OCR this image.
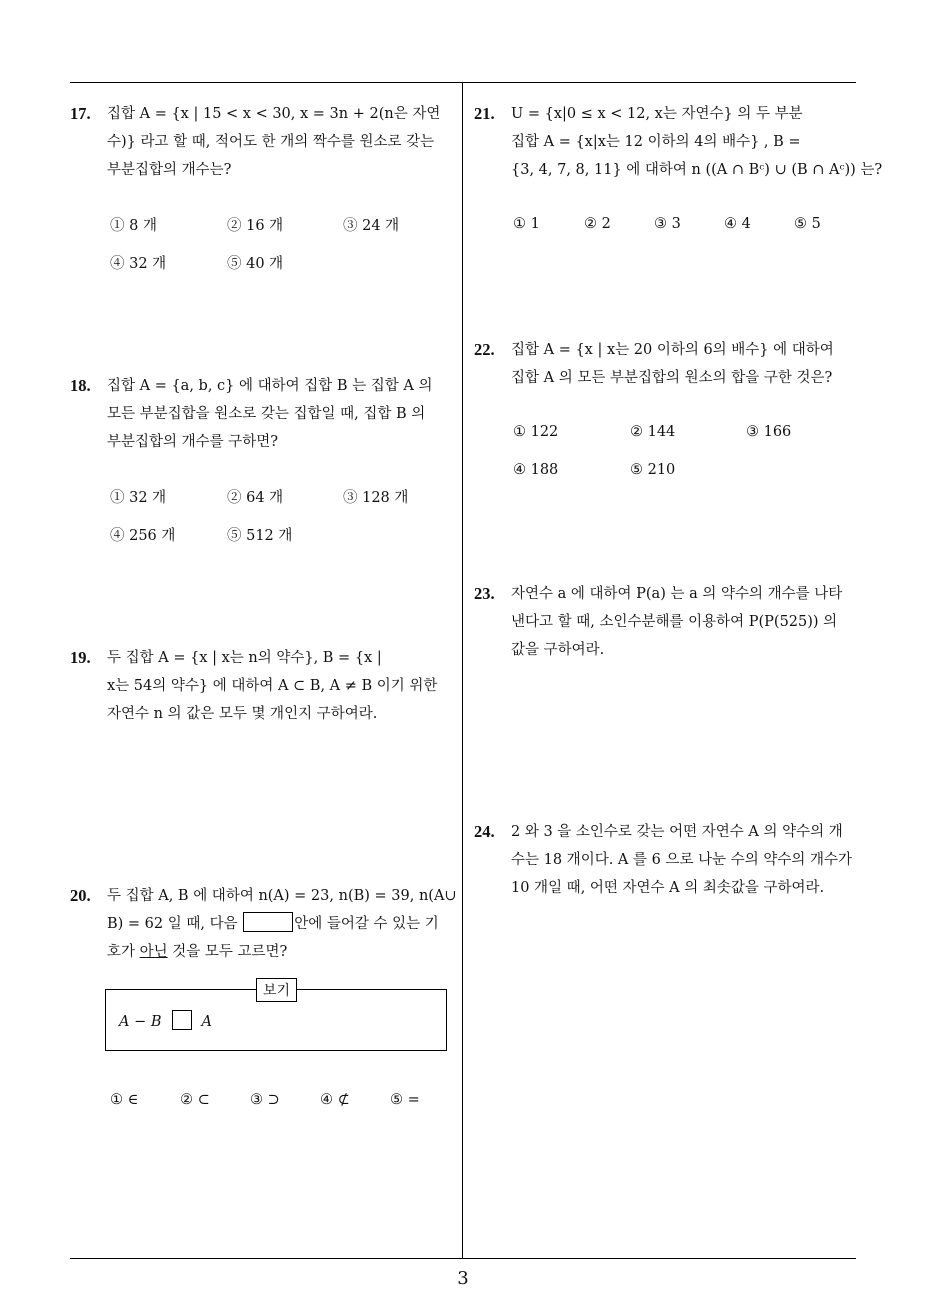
17. 집합 A = {x | 15 < x < 30, x = 3n + 2(n은 자연
수)} 라고 할 때, 적어도 한 개의 짝수를 원소로 갖는
부분집합의 개수는?
① 8 개	② 16 개	③ 24 개
④ 32 개	⑤ 40 개
18. 집합 A = {a, b, c} 에 대하여 집합 B 는 집합 A 의
모든 부분집합을 원소로 갖는 집합일 때, 집합 B 의
부분집합의 개수를 구하면?
① 32 개	② 64 개	③ 128 개
④ 256 개	⑤ 512 개
19. 두 집합 A = {x | x는 n의 약수}, B = {x |
x는 54의 약수} 에 대하여 A ⊂ B, A ≠ B 이기 위한
자연수 n 의 값은 모두 몇 개인지 구하여라.
20. 두 집합 A, B 에 대하여 n(A) = 23, n(B) = 39, n(A∪
B) = 62 일 때, 다음	안에 들어갈 수 있는 기
호가 아닌 것을 모두 고르면?
보기
A − B	A
① ∈	② ⊂	③ ⊃	④ ⊄	⑤ =
21. U = {x|0 ≤ x < 12, x는 자연수} 의 두 부분
집합 A = {x|x는 12 이하의 4의 배수} , B =
{3, 4, 7, 8, 11} 에 대하여 n ((A ∩ Bᶜ) ∪ (B ∩ Aᶜ)) 는?
① 1	② 2	③ 3	④ 4	⑤ 5
22. 집합 A = {x | x는 20 이하의 6의 배수} 에 대하여
집합 A 의 모든 부분집합의 원소의 합을 구한 것은?
① 122	② 144	③ 166
④ 188	⑤ 210
23. 자연수 a 에 대하여 P(a) 는 a 의 약수의 개수를 나타
낸다고 할 때, 소인수분해를 이용하여 P(P(525)) 의
값을 구하여라.
24. 2 와 3 을 소인수로 갖는 어떤 자연수 A 의 약수의 개
수는 18 개이다. A 를 6 으로 나눈 수의 약수의 개수가
10 개일 때, 어떤 자연수 A 의 최솟값을 구하여라.
3
